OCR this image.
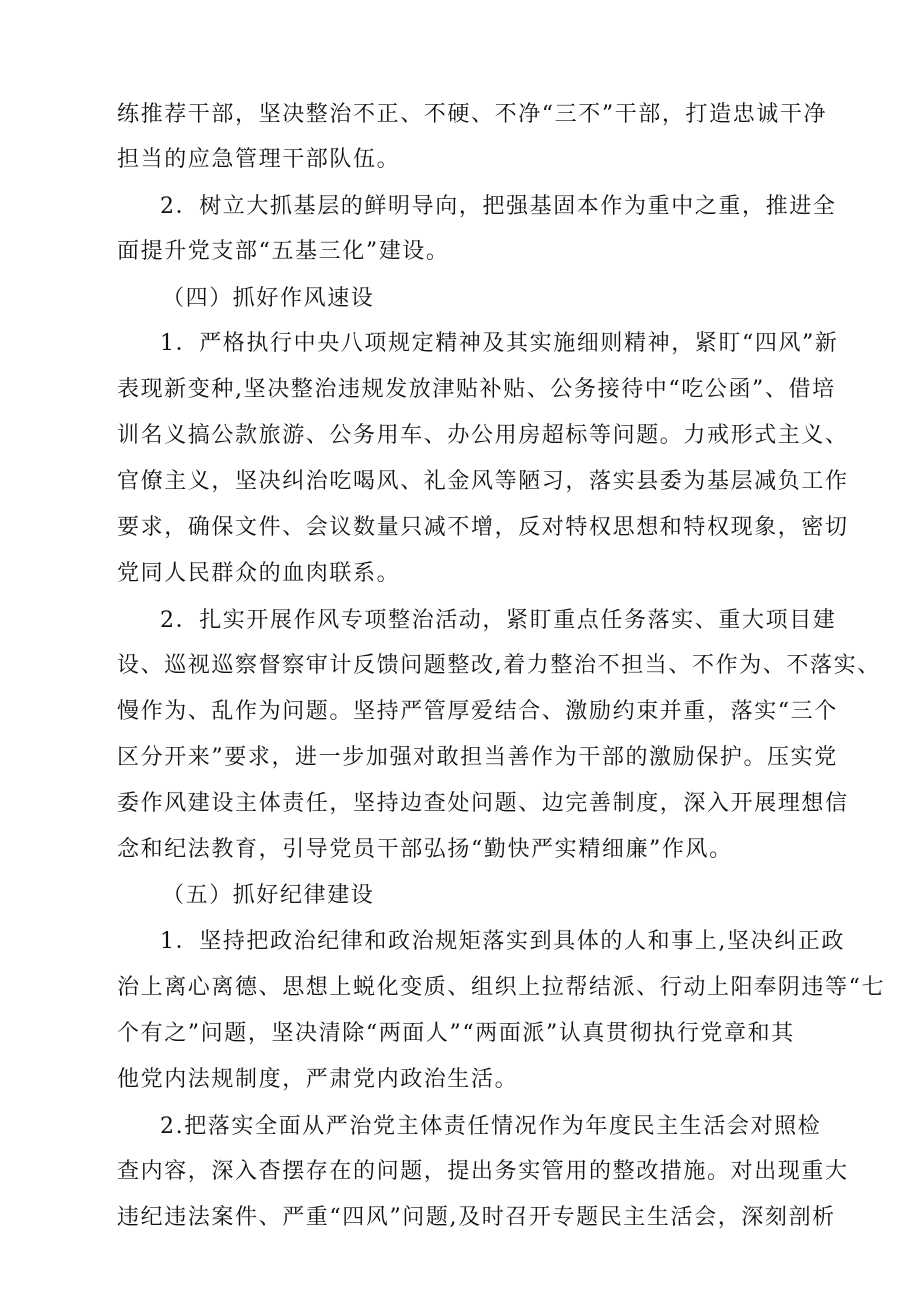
练推荐干部，坚决整治不正、不硬、不净“三不”干部，打造忠诚干净
担当的应急管理干部队伍。
2．树立大抓基层的鲜明导向，把强基固本作为重中之重，推进全
面提升党支部“五基三化”建设。
（四）抓好作风速设
1．严格执行中央八项规定精神及其实施细则精神，紧盯“四风”新
表现新变种,坚决整治违规发放津贴补贴、公务接待中“吃公函”、借培
训名义搞公款旅游、公务用车、办公用房超标等问题。力戒形式主义、
官僚主义，坚决纠治吃喝风、礼金风等陋习，落实县委为基层减负工作
要求，确保文件、会议数量只减不增，反对特权思想和特权现象，密切
党同人民群众的血肉联系。
2．扎实开展作风专项整治活动，紧盯重点任务落实、重大项目建
设、巡视巡察督察审计反馈问题整改,着力整治不担当、不作为、不落实、
慢作为、乱作为问题。坚持严管厚爱结合、激励约束并重，落实“三个
区分开来”要求，进一步加强对敢担当善作为干部的激励保护。压实党
委作风建设主体责任，坚持边查处问题、边完善制度，深入开展理想信
念和纪法教育，引导党员干部弘扬“勤快严实精细廉”作风。
（五）抓好纪律建设
1．坚持把政治纪律和政治规矩落实到具体的人和事上,坚决纠正政
治上离心离德、思想上蜕化变质、组织上拉帮结派、行动上阳奉阴违等“七
个有之”问题，坚决清除“两面人”“两面派”认真贯彻执行党章和其
他党内法规制度，严肃党内政治生活。
2.把落实全面从严治党主体责任情况作为年度民主生活会对照检
查内容，深入杳摆存在的问题，提出务实管用的整改措施。对出现重大
违纪违法案件、严重“四风”问题,及时召开专题民主生活会，深刻剖析
